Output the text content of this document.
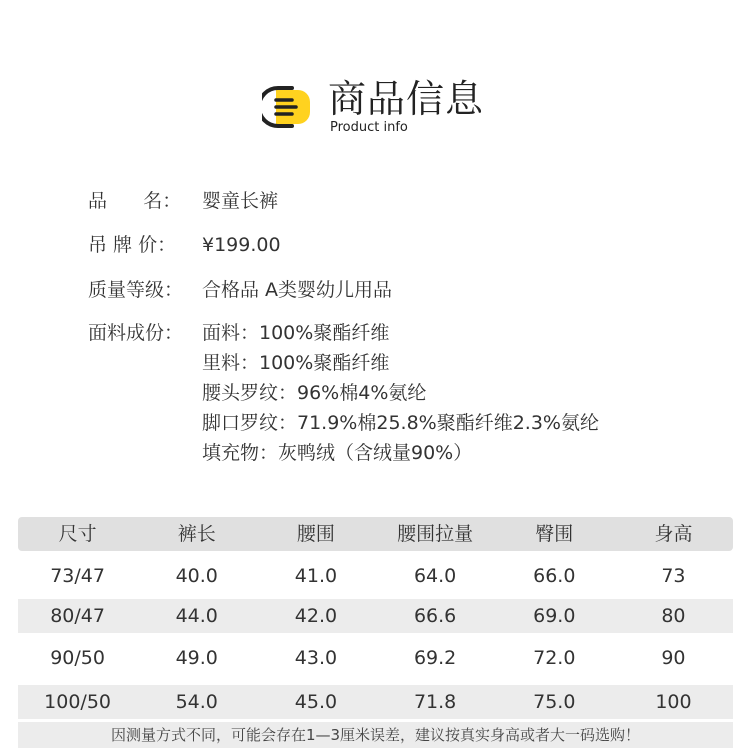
商品信息
Product info
品      名：	婴童长裤
吊 牌 价：	¥199.00
质量等级： 合格品 A类婴幼儿用品
面料成份： 面料：100%聚酯纤维
里料：100%聚酯纤维
腰头罗纹：96%棉4%氨纶
脚口罗纹：71.9%棉25.8%聚酯纤维2.3%氨纶
填充物：灰鸭绒（含绒量90%）
尺寸	裤长	腰围	腰围拉量	臀围	身高
73/47	40.0	41.0	64.0	66.0	73
80/47	44.0	42.0	66.6	69.0	80
90/50	49.0	43.0	69.2	72.0	90
100/50	54.0	45.0	71.8	75.0	100
因测量方式不同，可能会存在1—3厘米误差，建议按真实身高或者大一码选购！
